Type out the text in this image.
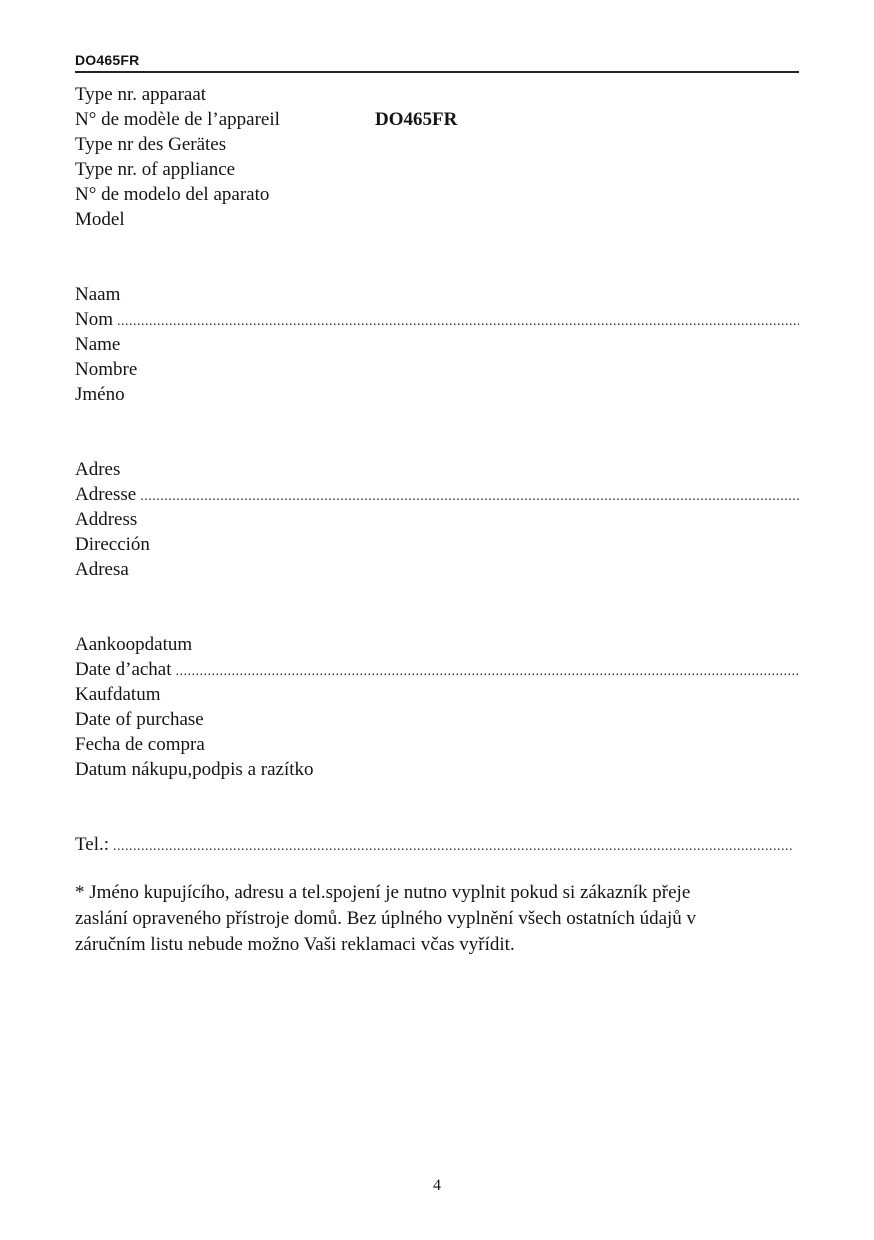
DO465FR
Type nr. apparaat
N° de modèle de l’appareil	DO465FR
Type nr des Gerätes
Type nr. of appliance
N° de modelo del aparato
Model
Naam
Nom
.....
Name
Nombre
Jméno
Adres
Adresse
.....
Address
Dirección
Adresa
Aankoopdatum
Date d’achat
.....
Kaufdatum
Date of purchase
Fecha de compra
Datum nákupu,podpis a razítko
Tel.:
.....
* Jméno kupujícího, adresu a tel.spojení je nutno vyplnit pokud si zákazník přeje
zaslání opraveného přístroje domů. Bez úplného vyplnění všech ostatních údajů v
záručním listu nebude možno Vaši reklamaci včas vyřídit.
4
